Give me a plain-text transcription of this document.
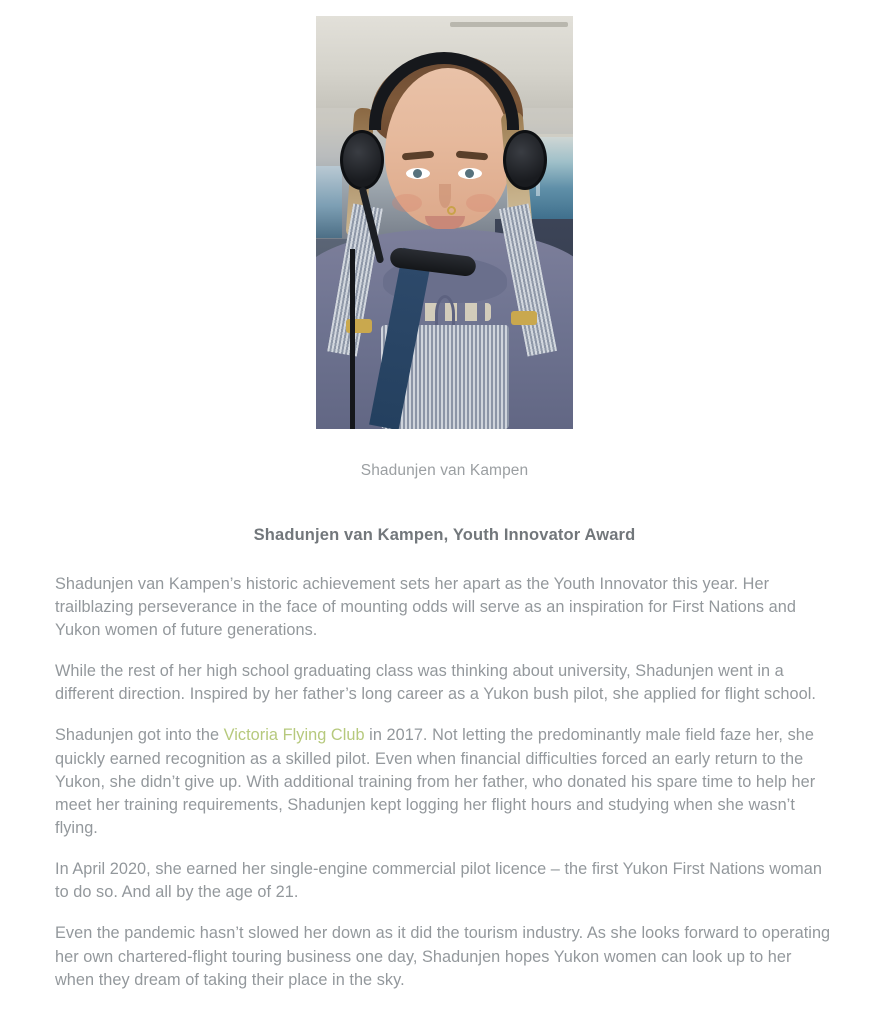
Shadunjen van Kampen
Shadunjen van Kampen, Youth Innovator Award

Shadunjen van Kampen’s historic achievement sets her apart as the Youth Innovator this year. Her trailblazing perseverance in the face of mounting odds will serve as an inspiration for First Nations and Yukon women of future generations.

While the rest of her high school graduating class was thinking about university, Shadunjen went in a different direction. Inspired by her father’s long career as a Yukon bush pilot, she applied for flight school.

Shadunjen got into the Victoria Flying Club in 2017. Not letting the predominantly male field faze her, she quickly earned recognition as a skilled pilot. Even when financial difficulties forced an early return to the Yukon, she didn’t give up. With additional training from her father, who donated his spare time to help her meet her training requirements, Shadunjen kept logging her flight hours and studying when she wasn’t flying.

In April 2020, she earned her single-engine commercial pilot licence – the first Yukon First Nations woman to do so. And all by the age of 21.

Even the pandemic hasn’t slowed her down as it did the tourism industry. As she looks forward to operating her own chartered-flight touring business one day, Shadunjen hopes Yukon women can look up to her when they dream of taking their place in the sky.
